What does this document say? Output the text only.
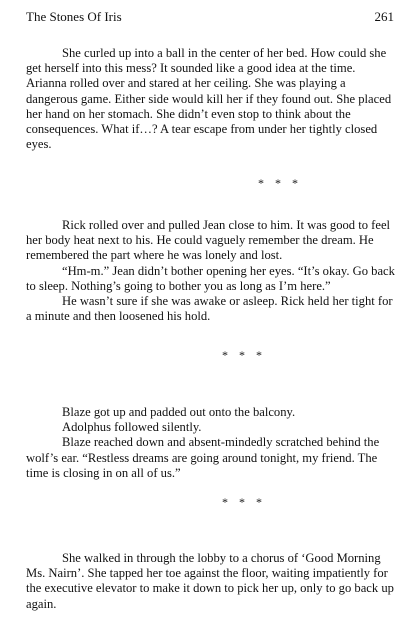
The Stones Of Iris	261

She curled up into a ball in the center of her bed. How could she get herself into this mess? It sounded like a good idea at the time. Arianna rolled over and stared at her ceiling. She was playing a dangerous game. Either side would kill her if they found out. She placed her hand on her stomach. She didn’t even stop to think about the consequences. What if…? A tear escape from under her tightly closed eyes.

* * *

Rick rolled over and pulled Jean close to him. It was good to feel her body heat next to his. He could vaguely remember the dream. He remembered the part where he was lonely and lost.

“Hm-m.” Jean didn’t bother opening her eyes. “It’s okay. Go back to sleep. Nothing’s going to bother you as long as I’m here.”

He wasn’t sure if she was awake or asleep. Rick held her tight for a minute and then loosened his hold.

* * *

Blaze got up and padded out onto the balcony.

Adolphus followed silently.

Blaze reached down and absent-mindedly scratched behind the wolf’s ear. “Restless dreams are going around tonight, my friend. The time is closing in on all of us.”

* * *

She walked in through the lobby to a chorus of ‘Good Morning Ms. Nairn’. She tapped her toe against the floor, waiting impatiently for the executive elevator to make it down to pick her up, only to go back up again.
